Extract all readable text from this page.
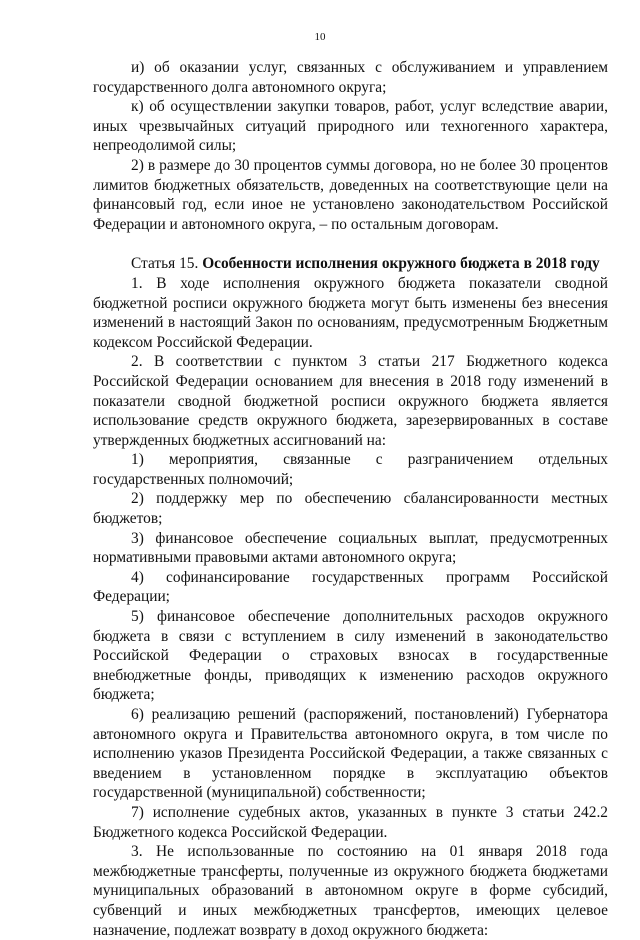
10

и) об оказании услуг, связанных с обслуживанием и управлением государственного долга автономного округа;

к) об осуществлении закупки товаров, работ, услуг вследствие аварии, иных чрезвычайных ситуаций природного или техногенного характера, непреодолимой силы;

2) в размере до 30 процентов суммы договора, но не более 30 процентов лимитов бюджетных обязательств, доведенных на соответствующие цели на финансовый год, если иное не установлено законодательством Российской Федерации и автономного округа, – по остальным договорам.

Статья 15. Особенности исполнения окружного бюджета в 2018 году

1. В ходе исполнения окружного бюджета показатели сводной бюджетной росписи окружного бюджета могут быть изменены без внесения изменений в настоящий Закон по основаниям, предусмотренным Бюджетным кодексом Российской Федерации.

2. В соответствии с пунктом 3 статьи 217 Бюджетного кодекса Российской Федерации основанием для внесения в 2018 году изменений в показатели сводной бюджетной росписи окружного бюджета является использование средств окружного бюджета, зарезервированных в составе утвержденных бюджетных ассигнований на:

1) мероприятия, связанные с разграничением отдельных государственных полномочий;

2) поддержку мер по обеспечению сбалансированности местных бюджетов;

3) финансовое обеспечение социальных выплат, предусмотренных нормативными правовыми актами автономного округа;

4) софинансирование государственных программ Российской Федерации;

5) финансовое обеспечение дополнительных расходов окружного бюджета в связи с вступлением в силу изменений в законодательство Российской Федерации о страховых взносах в государственные внебюджетные фонды, приводящих к изменению расходов окружного бюджета;

6) реализацию решений (распоряжений, постановлений) Губернатора автономного округа и Правительства автономного округа, в том числе по исполнению указов Президента Российской Федерации, а также связанных с введением в установленном порядке в эксплуатацию объектов государственной (муниципальной) собственности;

7) исполнение судебных актов, указанных в пункте 3 статьи 242.2 Бюджетного кодекса Российской Федерации.

3. Не использованные по состоянию на 01 января 2018 года межбюджетные трансферты, полученные из окружного бюджета бюджетами муниципальных образований в автономном округе в форме субсидий, субвенций и иных межбюджетных трансфертов, имеющих целевое назначение, подлежат возврату в доход окружного бюджета:
